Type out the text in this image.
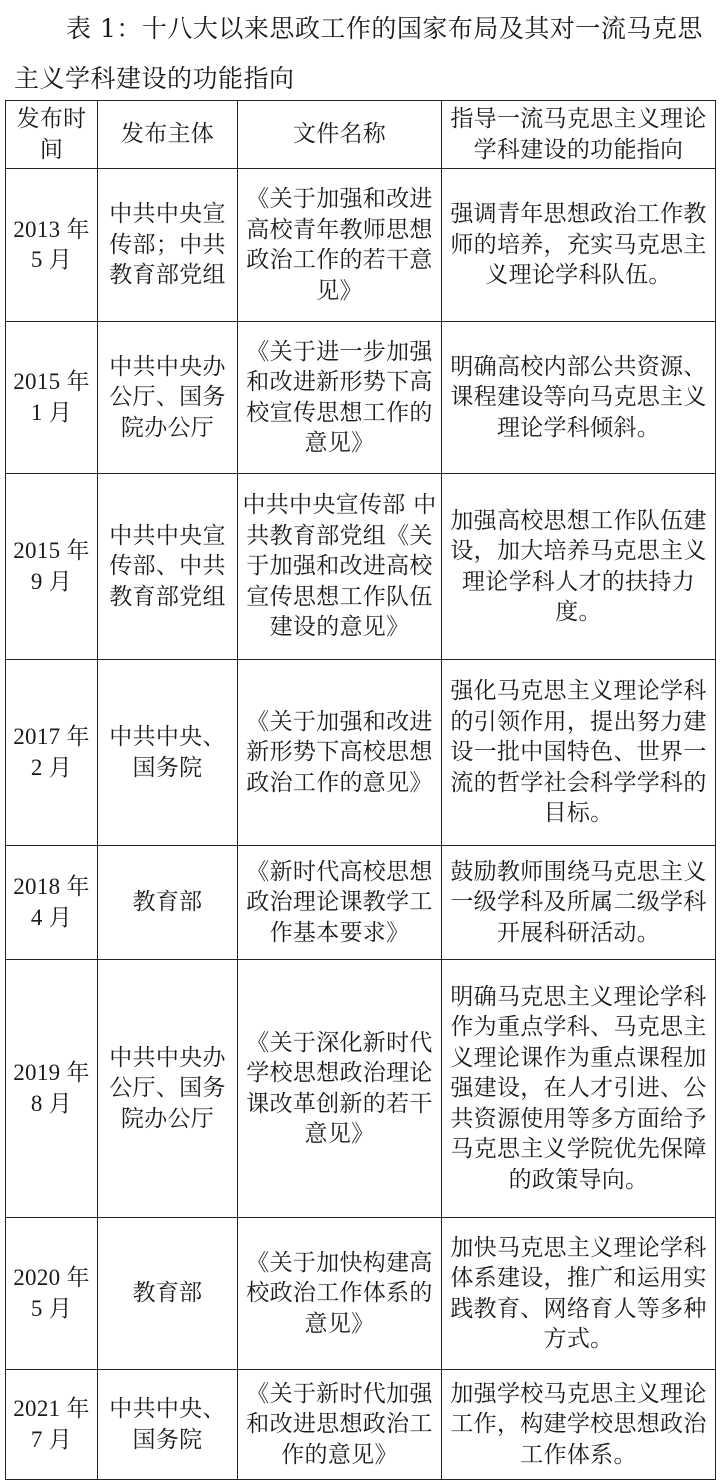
表 1：十八大以来思政工作的国家布局及其对一流马克思主义学科建设的功能指向

发布时间	发布主体	文件名称	指导一流马克思主义理论学科建设的功能指向
2013 年 5 月	中共中央宣传部；中共教育部党组	《关于加强和改进高校青年教师思想政治工作的若干意见》	强调青年思想政治工作教师的培养，充实马克思主义理论学科队伍。
2015 年 1 月	中共中央办公厅、国务院办公厅	《关于进一步加强和改进新形势下高校宣传思想工作的意见》	明确高校内部公共资源、课程建设等向马克思主义理论学科倾斜。
2015 年 9 月	中共中央宣传部、中共教育部党组	中共中央宣传部 中共教育部党组《关于加强和改进高校宣传思想工作队伍建设的意见》	加强高校思想工作队伍建设，加大培养马克思主义理论学科人才的扶持力度。
2017 年 2 月	中共中央、国务院	《关于加强和改进新形势下高校思想政治工作的意见》	强化马克思主义理论学科的引领作用，提出努力建设一批中国特色、世界一流的哲学社会科学学科的目标。
2018 年 4 月	教育部	《新时代高校思想政治理论课教学工作基本要求》	鼓励教师围绕马克思主义一级学科及所属二级学科开展科研活动。
2019 年 8 月	中共中央办公厅、国务院办公厅	《关于深化新时代学校思想政治理论课改革创新的若干意见》	明确马克思主义理论学科作为重点学科、马克思主义理论课作为重点课程加强建设，在人才引进、公共资源使用等多方面给予马克思主义学院优先保障的政策导向。
2020 年 5 月	教育部	《关于加快构建高校政治工作体系的意见》	加快马克思主义理论学科体系建设，推广和运用实践教育、网络育人等多种方式。
2021 年 7 月	中共中央、国务院	《关于新时代加强和改进思想政治工作的意见》	加强学校马克思主义理论工作，构建学校思想政治工作体系。
